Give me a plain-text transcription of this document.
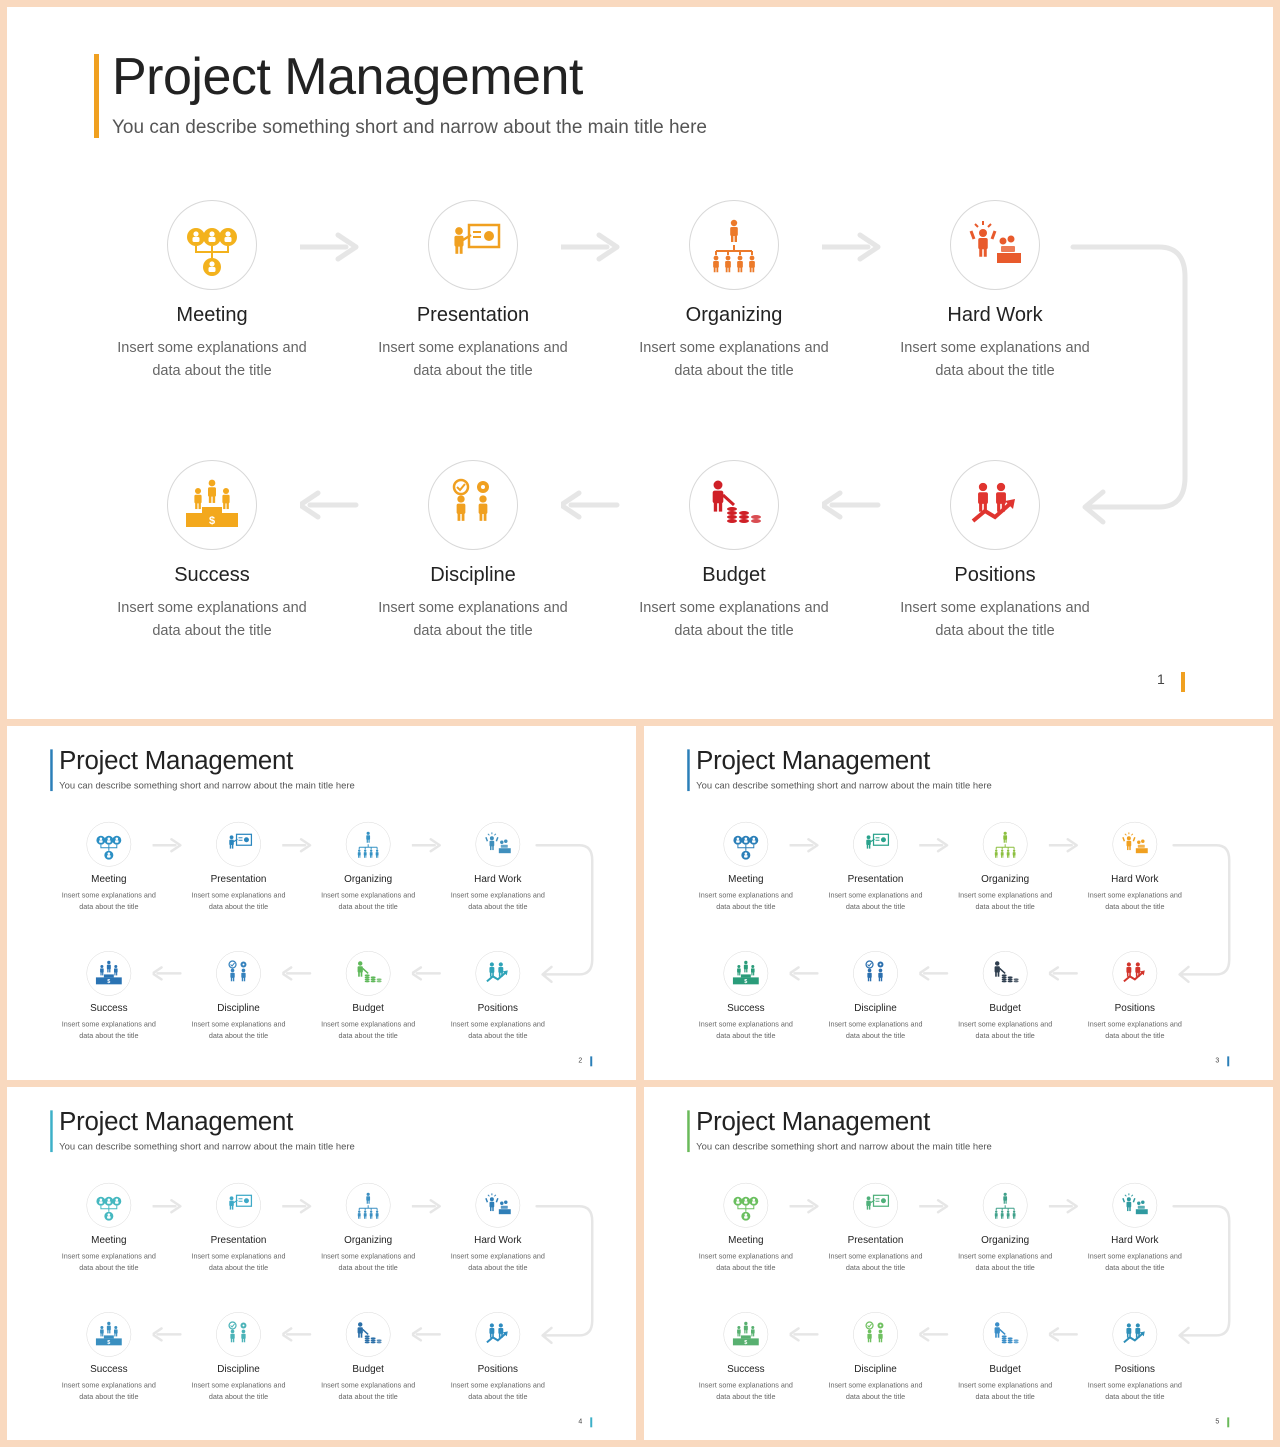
Project Management
You can describe something short and narrow about the main title here
Meeting
Insert some explanations and data about the title
Presentation
Insert some explanations and data about the title
Organizing
Insert some explanations and data about the title
Hard Work
Insert some explanations and data about the title
Positions
Insert some explanations and data about the title
Budget
Insert some explanations and data about the title
Discipline
Insert some explanations and data about the title
$
Success
Insert some explanations and data about the title
1
Project Management
You can describe something short and narrow about the main title here
Meeting
Insert some explanations and data about the title
Presentation
Insert some explanations and data about the title
Organizing
Insert some explanations and data about the title
Hard Work
Insert some explanations and data about the title
Positions
Insert some explanations and data about the title
Budget
Insert some explanations and data about the title
Discipline
Insert some explanations and data about the title
$
Success
Insert some explanations and data about the title
2
Project Management
You can describe something short and narrow about the main title here
Meeting
Insert some explanations and data about the title
Presentation
Insert some explanations and data about the title
Organizing
Insert some explanations and data about the title
Hard Work
Insert some explanations and data about the title
Positions
Insert some explanations and data about the title
Budget
Insert some explanations and data about the title
Discipline
Insert some explanations and data about the title
$
Success
Insert some explanations and data about the title
3
Project Management
You can describe something short and narrow about the main title here
Meeting
Insert some explanations and data about the title
Presentation
Insert some explanations and data about the title
Organizing
Insert some explanations and data about the title
Hard Work
Insert some explanations and data about the title
Positions
Insert some explanations and data about the title
Budget
Insert some explanations and data about the title
Discipline
Insert some explanations and data about the title
$
Success
Insert some explanations and data about the title
4
Project Management
You can describe something short and narrow about the main title here
Meeting
Insert some explanations and data about the title
Presentation
Insert some explanations and data about the title
Organizing
Insert some explanations and data about the title
Hard Work
Insert some explanations and data about the title
Positions
Insert some explanations and data about the title
Budget
Insert some explanations and data about the title
Discipline
Insert some explanations and data about the title
$
Success
Insert some explanations and data about the title
5
